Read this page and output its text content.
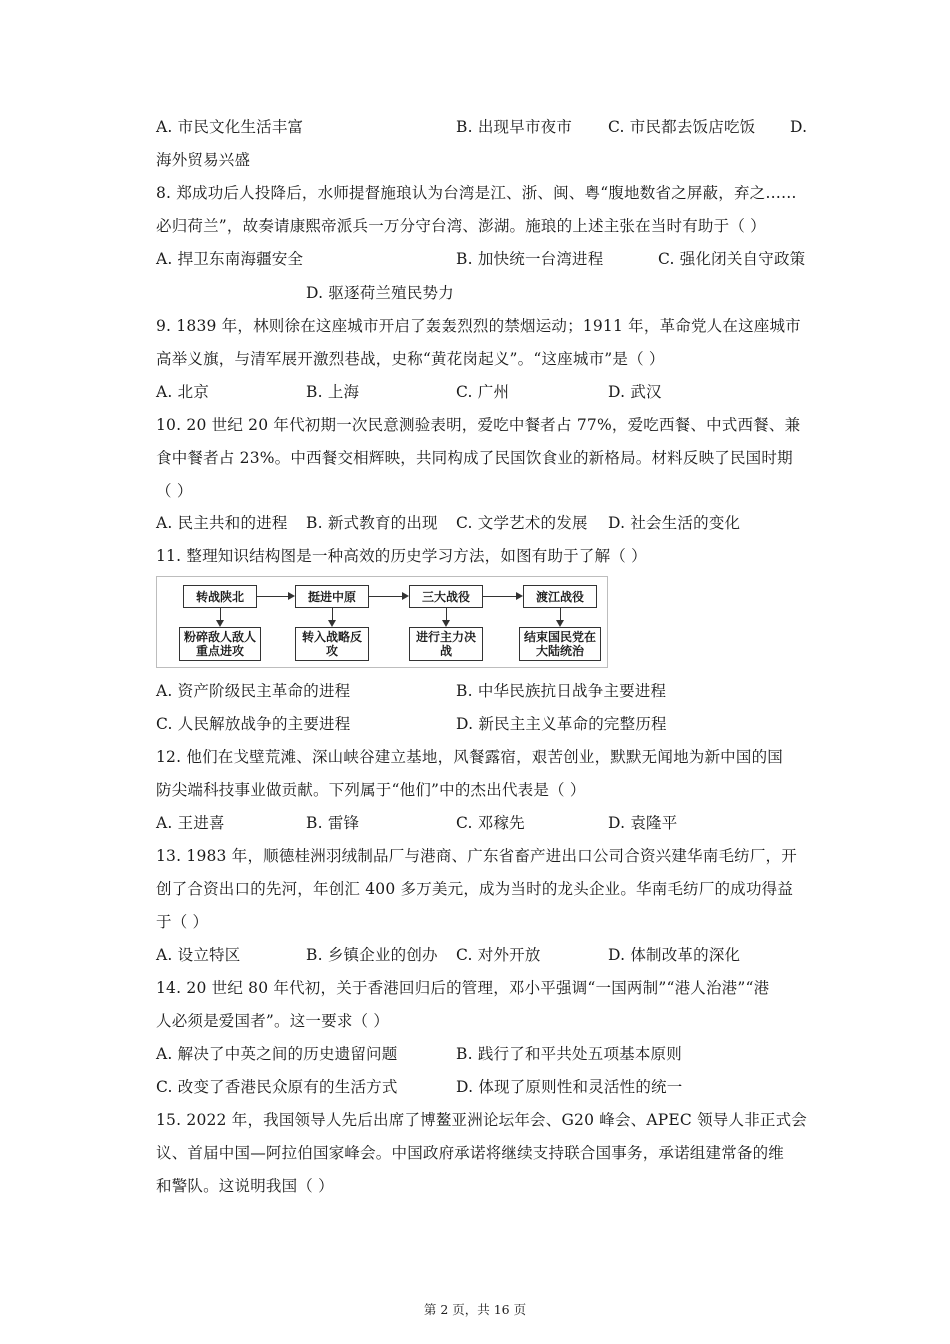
A. 市民文化生活丰富	B. 出现早市夜市 C. 市民都去饭店吃饭 D.
海外贸易兴盛
8. 郑成功后人投降后，水师提督施琅认为台湾是江、浙、闽、粤“腹地数省之屏蔽，弃之……
必归荷兰”，故奏请康熙帝派兵一万分守台湾、澎湖。施琅的上述主张在当时有助于（ ）
A. 捍卫东南海疆安全	B. 加快统一台湾进程	C. 强化闭关自守政策
D. 驱逐荷兰殖民势力
9. 1839 年，林则徐在这座城市开启了轰轰烈烈的禁烟运动；1911 年，革命党人在这座城市
高举义旗，与清军展开激烈巷战，史称“黄花岗起义”。“这座城市”是（ ）
A. 北京	B. 上海	C. 广州	D. 武汉
10. 20 世纪 20 年代初期一次民意测验表明，爱吃中餐者占 77%，爱吃西餐、中式西餐、兼
食中餐者占 23%。中西餐交相辉映，共同构成了民国饮食业的新格局。材料反映了民国时期
（ ）
A. 民主共和的进程 B. 新式教育的出现 C. 文学艺术的发展 D. 社会生活的变化
11. 整理知识结构图是一种高效的历史学习方法，如图有助于了解（ ）
转战陕北	挺进中原	三大战役	渡江战役
粉碎敌人敌人重点进攻
转入战略反攻
进行主力决战
结束国民党在大陆统治
A. 资产阶级民主革命的进程	B. 中华民族抗日战争主要进程
C. 人民解放战争的主要进程	D. 新民主主义革命的完整历程
12. 他们在戈壁荒滩、深山峡谷建立基地，风餐露宿，艰苦创业，默默无闻地为新中国的国
防尖端科技事业做贡献。下列属于“他们”中的杰出代表是（ ）
A. 王进喜	B. 雷锋	C. 邓稼先	D. 袁隆平
13. 1983 年，顺德桂洲羽绒制品厂与港商、广东省畜产进出口公司合资兴建华南毛纺厂，开
创了合资出口的先河，年创汇 400 多万美元，成为当时的龙头企业。华南毛纺厂的成功得益
于（ ）
A. 设立特区	B. 乡镇企业的创办 C. 对外开放	D. 体制改革的深化
14. 20 世纪 80 年代初，关于香港回归后的管理，邓小平强调“一国两制”“港人治港”“港
人必须是爱国者”。这一要求（ ）
A. 解决了中英之间的历史遗留问题	B. 践行了和平共处五项基本原则
C. 改变了香港民众原有的生活方式	D. 体现了原则性和灵活性的统一
15. 2022 年，我国领导人先后出席了博鳌亚洲论坛年会、G20 峰会、APEC 领导人非正式会
议、首届中国—阿拉伯国家峰会。中国政府承诺将继续支持联合国事务，承诺组建常备的维
和警队。这说明我国（ ）
第 2 页，共 16 页
